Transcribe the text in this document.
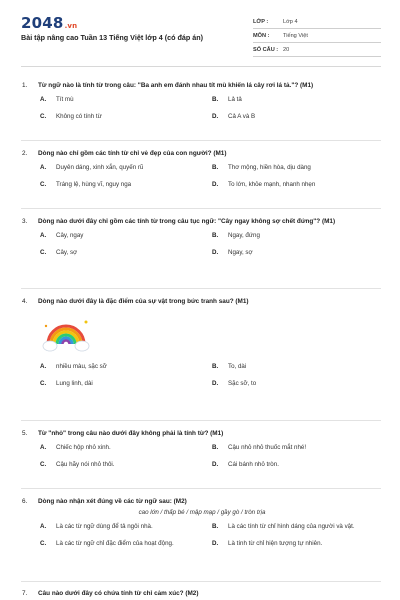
2048.vn
Bài tập nâng cao Tuần 13 Tiếng Việt lớp 4 (có đáp án)
LỚP :	Lớp 4
MÔN :	Tiếng Việt
SỐ CÂU : 20
1.	Từ ngữ nào là tính từ trong câu: "Ba anh em đánh nhau tít mù khiến lá cây rơi lá tả."? (M1)
A.	Tít mù	B.	Lả tả
C.	Không có tính từ	D.	Cả A và B
2.	Dòng nào chỉ gồm các tính từ chỉ vẻ đẹp của con người? (M1)
A.	Duyên dáng, xinh xắn, quyến rũ	B.	Thơ mộng, hiền hòa, dịu dàng
C.	Tráng lệ, hùng vĩ, nguy nga	D.	To lớn, khỏe mạnh, nhanh nhẹn
3.	Dòng nào dưới đây chỉ gồm các tính từ trong câu tục ngữ: "Cây ngay không sợ chết đứng"? (M1)
A.	Cây, ngay	B.	Ngay, đứng
C.	Cây, sợ	D.	Ngay, sợ
4.	Dòng nào dưới đây là đặc điểm của sự vật trong bức tranh sau? (M1)
A.	nhiều màu, sặc sỡ	B.	To, dài
C.	Lung linh, dài	D.	Sặc sỡ, to
5.	Từ "nhỏ" trong câu nào dưới đây không phải là tính từ? (M1)
A.	Chiếc hộp nhỏ xinh.	B.	Cậu nhỏ nhỏ thuốc mắt nhé!
C.	Cậu hãy nói nhỏ thôi.	D.	Cái bánh nhỏ tròn.
6.	Dòng nào nhận xét đúng về các từ ngữ sau: (M2)
cao lớn / thấp bé / mập mạp / gầy gò / tròn trịa
A.	Là các từ ngữ dùng để tả ngôi nhà.	B.	Là các tính từ chỉ hình dáng của người và vật.
C.	Là các từ ngữ chỉ đặc điểm của hoạt động.	D.	Là tính từ chỉ hiện tượng tự nhiên.
7.	Câu nào dưới đây có chứa tính từ chỉ cảm xúc? (M2)
